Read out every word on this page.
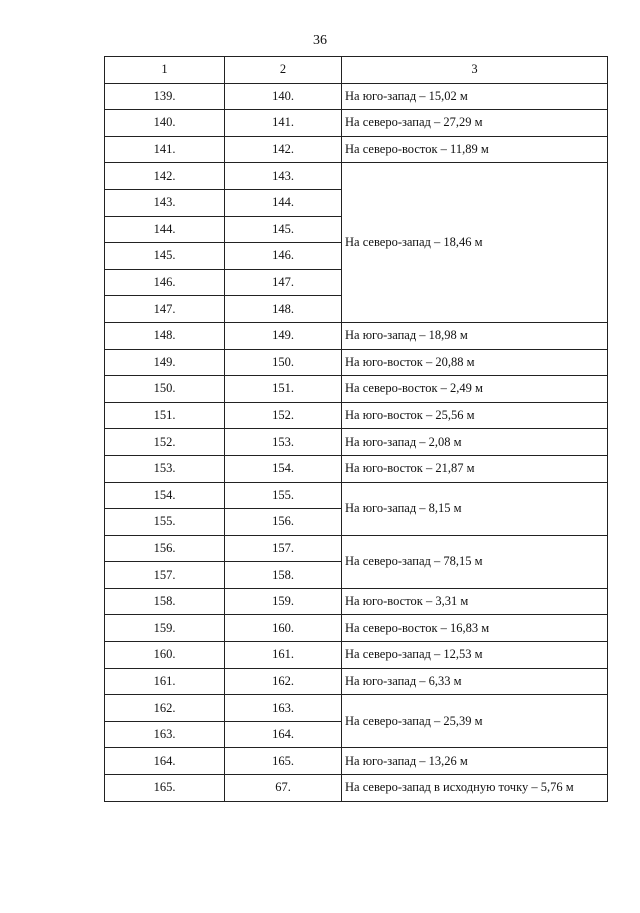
36
1	2	3
139.	140.	На юго-запад – 15,02 м
140.	141.	На северо-запад – 27,29 м
141.	142.	На северо-восток – 11,89 м
142.	143.	На северо-запад – 18,46 м
143.	144.	
144.	145.	
145.	146.	
146.	147.	
147.	148.	
148.	149.	На юго-запад – 18,98 м
149.	150.	На юго-восток – 20,88 м
150.	151.	На северо-восток – 2,49 м
151.	152.	На юго-восток – 25,56 м
152.	153.	На юго-запад – 2,08 м
153.	154.	На юго-восток – 21,87 м
154.	155.	На юго-запад – 8,15 м
155.	156.	
156.	157.	На северо-запад – 78,15 м
157.	158.	
158.	159.	На юго-восток – 3,31 м
159.	160.	На северо-восток – 16,83 м
160.	161.	На северо-запад – 12,53 м
161.	162.	На юго-запад – 6,33 м
162.	163.	На северо-запад – 25,39 м
163.	164.	
164.	165.	На юго-запад – 13,26 м
165.	67.	На северо-запад в исходную точку – 5,76 м
